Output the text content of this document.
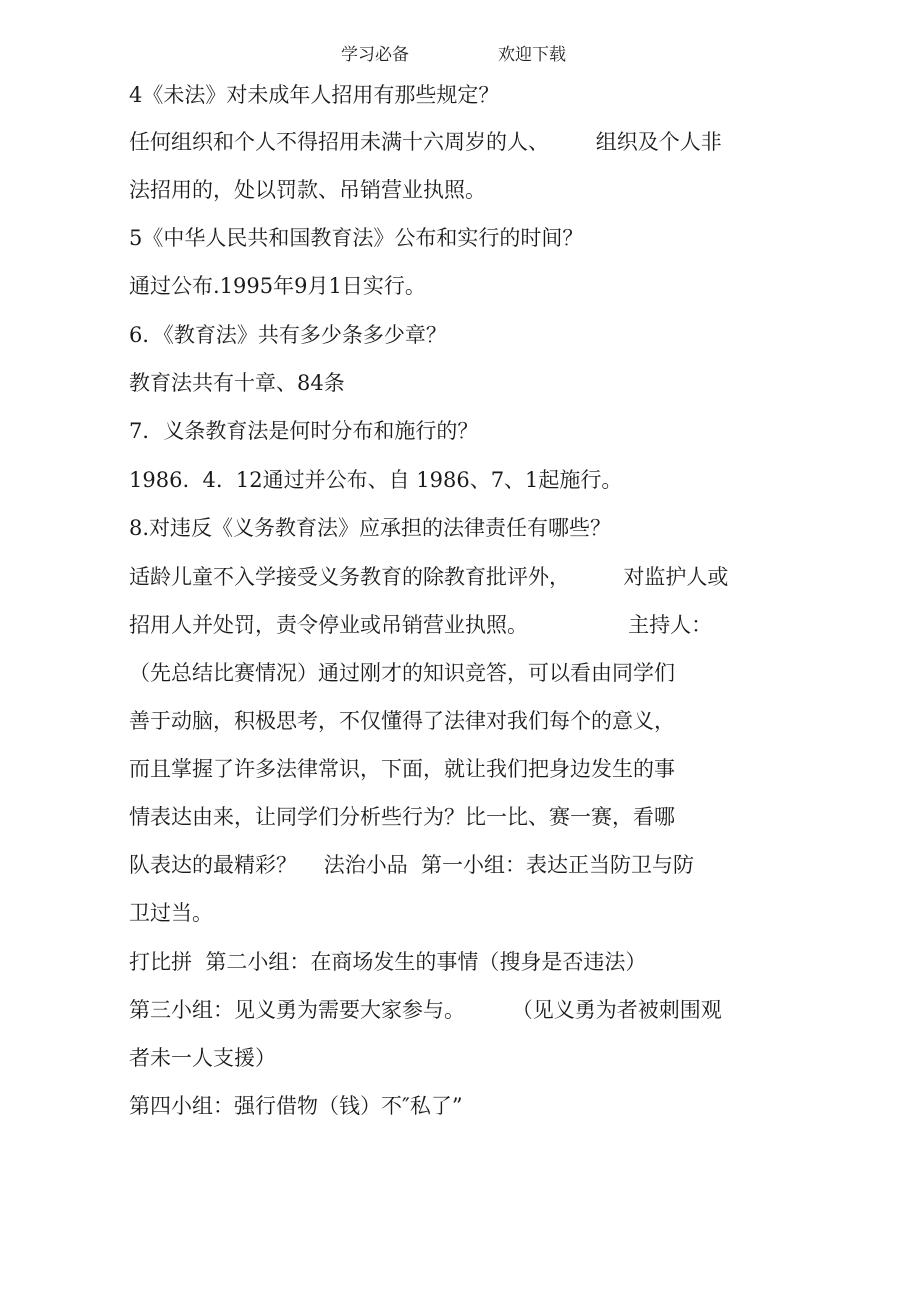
学习必备	欢迎下载
4《未法》对未成年人招用有那些规定？
任何组织和个人不得招用未满十六周岁的人、       组织及个人非
法招用的，处以罚款、吊销营业执照。
5《中华人民共和国教育法》公布和实行的时间？
通过公布.1995年9月1日实行。
6．《教育法》共有多少条多少章？
教育法共有十章、84条
7．义条教育法是何时分布和施行的？
1986.  4.  12通过并公布、自 1986、7、1起施行。
8.对违反《义务教育法》应承担的法律责任有哪些？
适龄儿童不入学接受义务教育的除教育批评外，        对监护人或
招用人并处罚，责令停业或吊销营业执照。               主持人：
（先总结比赛情况）通过刚才的知识竞答，可以看由同学们
善于动脑，积极思考，不仅懂得了法律对我们每个的意义，
而且掌握了许多法律常识，下面，就让我们把身边发生的事
情表达由来，让同学们分析些行为？比一比、赛一赛，看哪
队表达的最精彩？    法治小品  第一小组：表达正当防卫与防
卫过当。
打比拼  第二小组：在商场发生的事情（搜身是否违法）
第三小组：见义勇为需要大家参与。       （见义勇为者被刺围观
者未一人支援）
第四小组：强行借物（钱）不″私了”
